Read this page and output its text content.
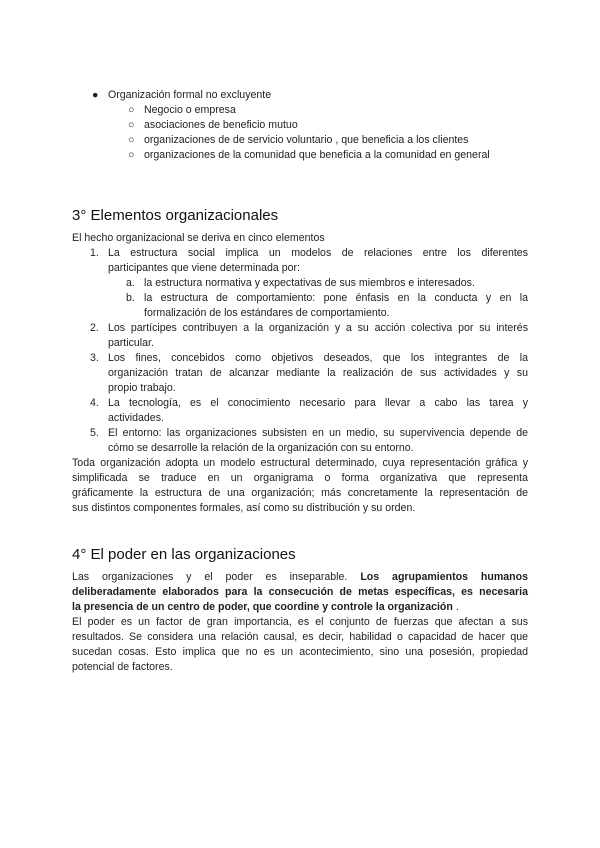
● Organización formal no excluyente
○ Negocio o empresa
○ asociaciones de beneficio mutuo
○ organizaciones de de servicio voluntario , que beneficia a los clientes
○ organizaciones de la comunidad que beneficia a la comunidad en general
3° Elementos organizacionales
El hecho organizacional se deriva en cinco elementos
1. La estructura social implica un modelos de relaciones entre los diferentes
participantes que viene determinada por:
a. la estructura normativa y expectativas de sus miembros e interesados.
b. la estructura de comportamiento: pone énfasis en la conducta y en la
formalización de los estándares de comportamiento.
2. Los partícipes contribuyen a la organización y a su acción colectiva por su interés
particular.
3. Los fines, concebidos como objetivos deseados, que los integrantes de la
organización tratan de alcanzar mediante la realización de sus actividades y su
propio trabajo.
4. La tecnología, es el conocimiento necesario para llevar a cabo las tarea y
actividades.
5. El entorno: las organizaciones subsisten en un medio, su supervivencia depende de
cómo se desarrolle la relación de la organización con su entorno.
Toda organización adopta un modelo estructural determinado, cuya representación gráfica y
simplificada se traduce en un organigrama o forma organizativa que representa
gráficamente la estructura de una organización; más concretamente la representación de
sus distintos componentes formales, así como su distribución y su orden.
4° El poder en las organizaciones
Las organizaciones y el poder es inseparable. Los agrupamientos humanos
deliberadamente elaborados para la consecución de metas específicas, es necesaria
la presencia de un centro de poder, que coordine y controle la organización .
El poder es un factor de gran importancia, es el conjunto de fuerzas que afectan a sus
resultados. Se considera una relación causal, es decir, habilidad o capacidad de hacer que
sucedan cosas. Esto implica que no es un acontecimiento, sino una posesión, propiedad
potencial de factores.
